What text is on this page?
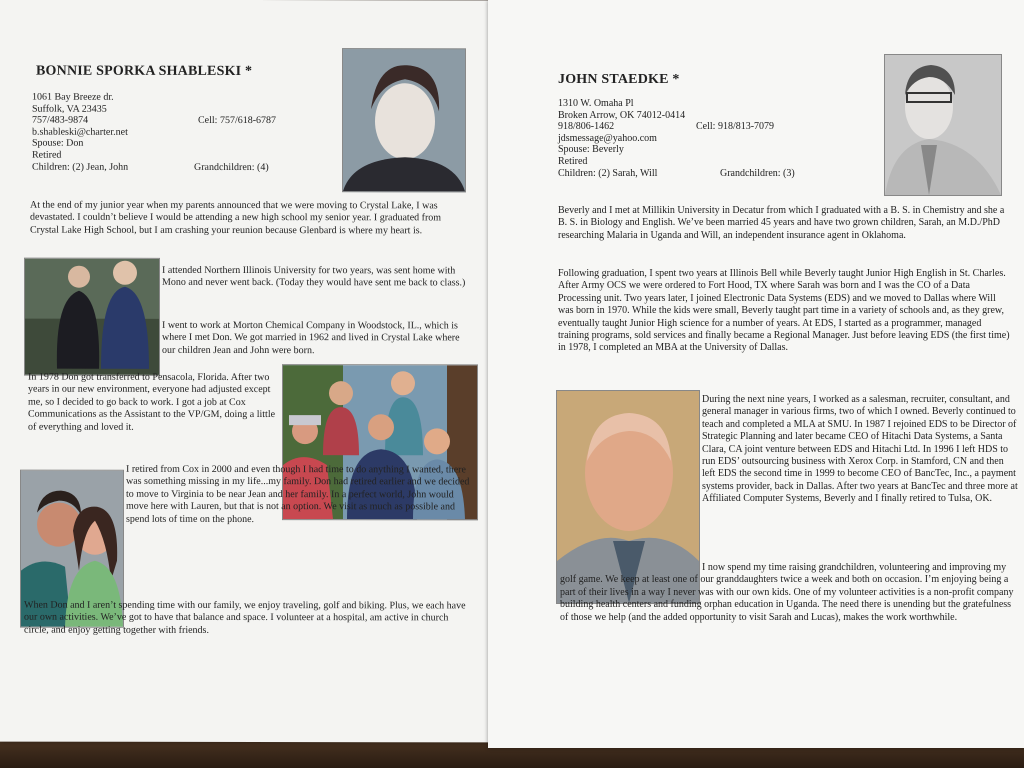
BONNIE SPORKA SHABLESKI *

1061 Bay Breeze dr.
Suffolk, VA 23435
757/483-9874	Cell: 757/618-6787
b.shableski@charter.net
Spouse: Don
Retired
Children: (2) Jean, John	Grandchildren: (4)

At the end of my junior year when my parents announced that we were moving to Crystal Lake, I was devastated. I couldn’t believe I would be attending a new high school my senior year. I graduated from Crystal Lake High School, but I am crashing your reunion because Glenbard is where my heart is.

I attended Northern Illinois University for two years, was sent home with Mono and never went back. (Today they would have sent me back to class.)

I went to work at Morton Chemical Company in Woodstock, IL., which is where I met Don. We got married in 1962 and lived in Crystal Lake where our children Jean and John were born.

In 1978 Don got transferred to Pensacola, Florida. After two years in our new environment, everyone had adjusted except me, so I decided to go back to work. I got a job at Cox Communications as the Assistant to the VP/GM, doing a little of everything and loved it.

I retired from Cox in 2000 and even though I had time to do anything I wanted, there was something missing in my life...my family. Don had retired earlier and we decided to move to Virginia to be near Jean and her family. In a perfect world, John would move here with Lauren, but that is not an option. We visit as much as possible and spend lots of time on the phone.

When Don and I aren’t spending time with our family, we enjoy traveling, golf and biking. Plus, we each have our own activities. We’ve got to have that balance and space. I volunteer at a hospital, am active in church circle, and enjoy getting together with friends.

JOHN STAEDKE *

1310 W. Omaha Pl
Broken Arrow, OK 74012-0414
918/806-1462	Cell: 918/813-7079
jdsmessage@yahoo.com
Spouse: Beverly
Retired
Children: (2) Sarah, Will	Grandchildren: (3)

Beverly and I met at Millikin University in Decatur from which I graduated with a B. S. in Chemistry and she a B. S. in Biology and English. We’ve been married 45 years and have two grown children, Sarah, an M.D./PhD researching Malaria in Uganda and Will, an independent insurance agent in Oklahoma.

Following graduation, I spent two years at Illinois Bell while Beverly taught Junior High English in St. Charles. After Army OCS we were ordered to Fort Hood, TX where Sarah was born and I was the CO of a Data Processing unit. Two years later, I joined Electronic Data Systems (EDS) and we moved to Dallas where Will was born in 1970. While the kids were small, Beverly taught part time in a variety of schools and, as they grew, eventually taught Junior High science for a number of years. At EDS, I started as a programmer, managed training programs, sold services and finally became a Regional Manager. Just before leaving EDS (the first time) in 1978, I completed an MBA at the University of Dallas.

During the next nine years, I worked as a salesman, recruiter, consultant, and general manager in various firms, two of which I owned. Beverly continued to teach and completed a MLA at SMU. In 1987 I rejoined EDS to be Director of Strategic Planning and later became CEO of Hitachi Data Systems, a Santa Clara, CA joint venture between EDS and Hitachi Ltd. In 1996 I left HDS to run EDS’ outsourcing business with Xerox Corp. in Stamford, CN and then left EDS the second time in 1999 to become CEO of BancTec, Inc., a payment systems provider, back in Dallas. After two years at BancTec and three more at Affiliated Computer Systems, Beverly and I finally retired to Tulsa, OK.

I now spend my time raising grandchildren, volunteering and improving my golf game. We keep at least one of our granddaughters twice a week and both on occasion. I’m enjoying being a part of their lives in a way I never was with our own kids. One of my volunteer activities is a non-profit company building health centers and funding orphan education in Uganda. The need there is unending but the gratefulness of those we help (and the added opportunity to visit Sarah and Lucas), makes the work worthwhile.
